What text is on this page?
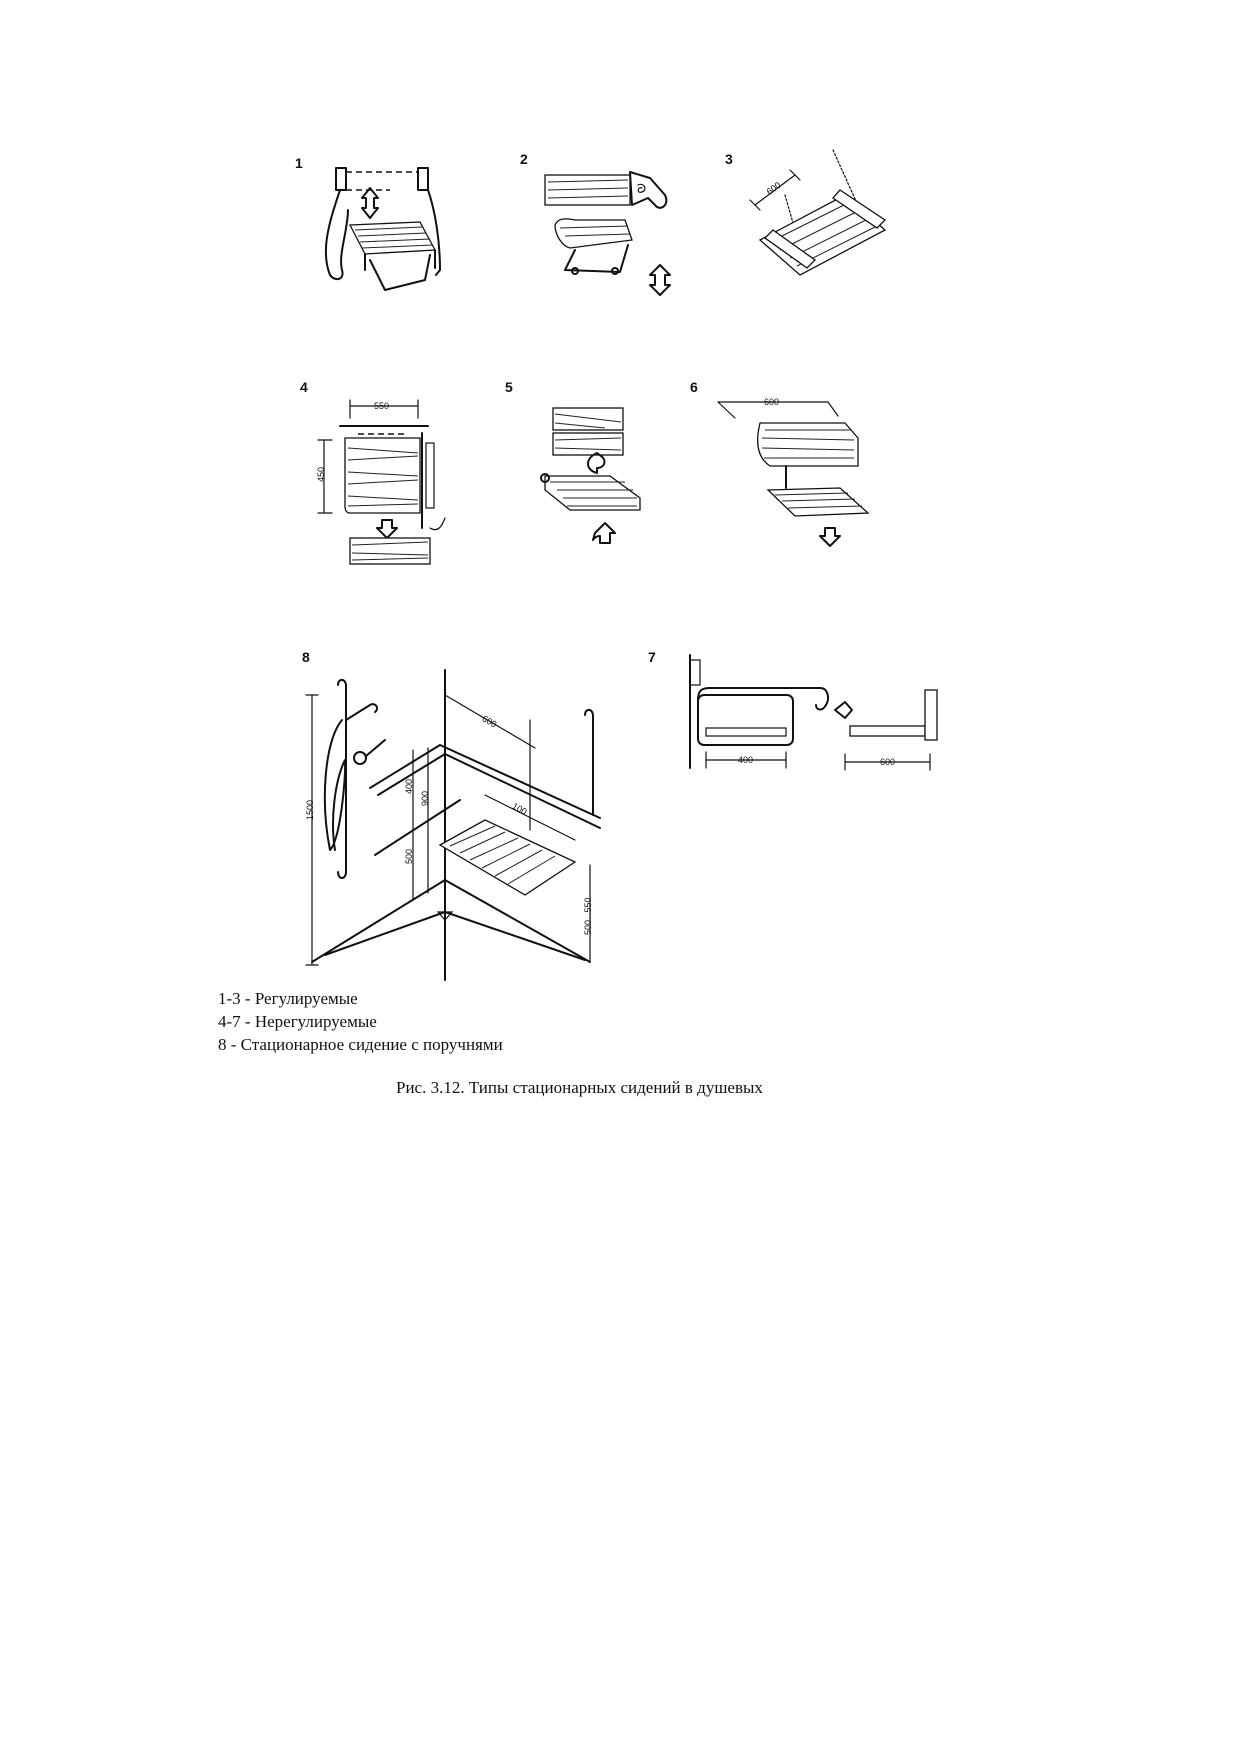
1	2	3
600
4
550
450
5	6
600
8
1500
600
400
900
500
100
500...550
7
400	600
1-3 - Регулируемые
4-7 - Нерегулируемые
8 - Стационарное сидение с поручнями
Рис. 3.12. Типы стационарных сидений в душевых
